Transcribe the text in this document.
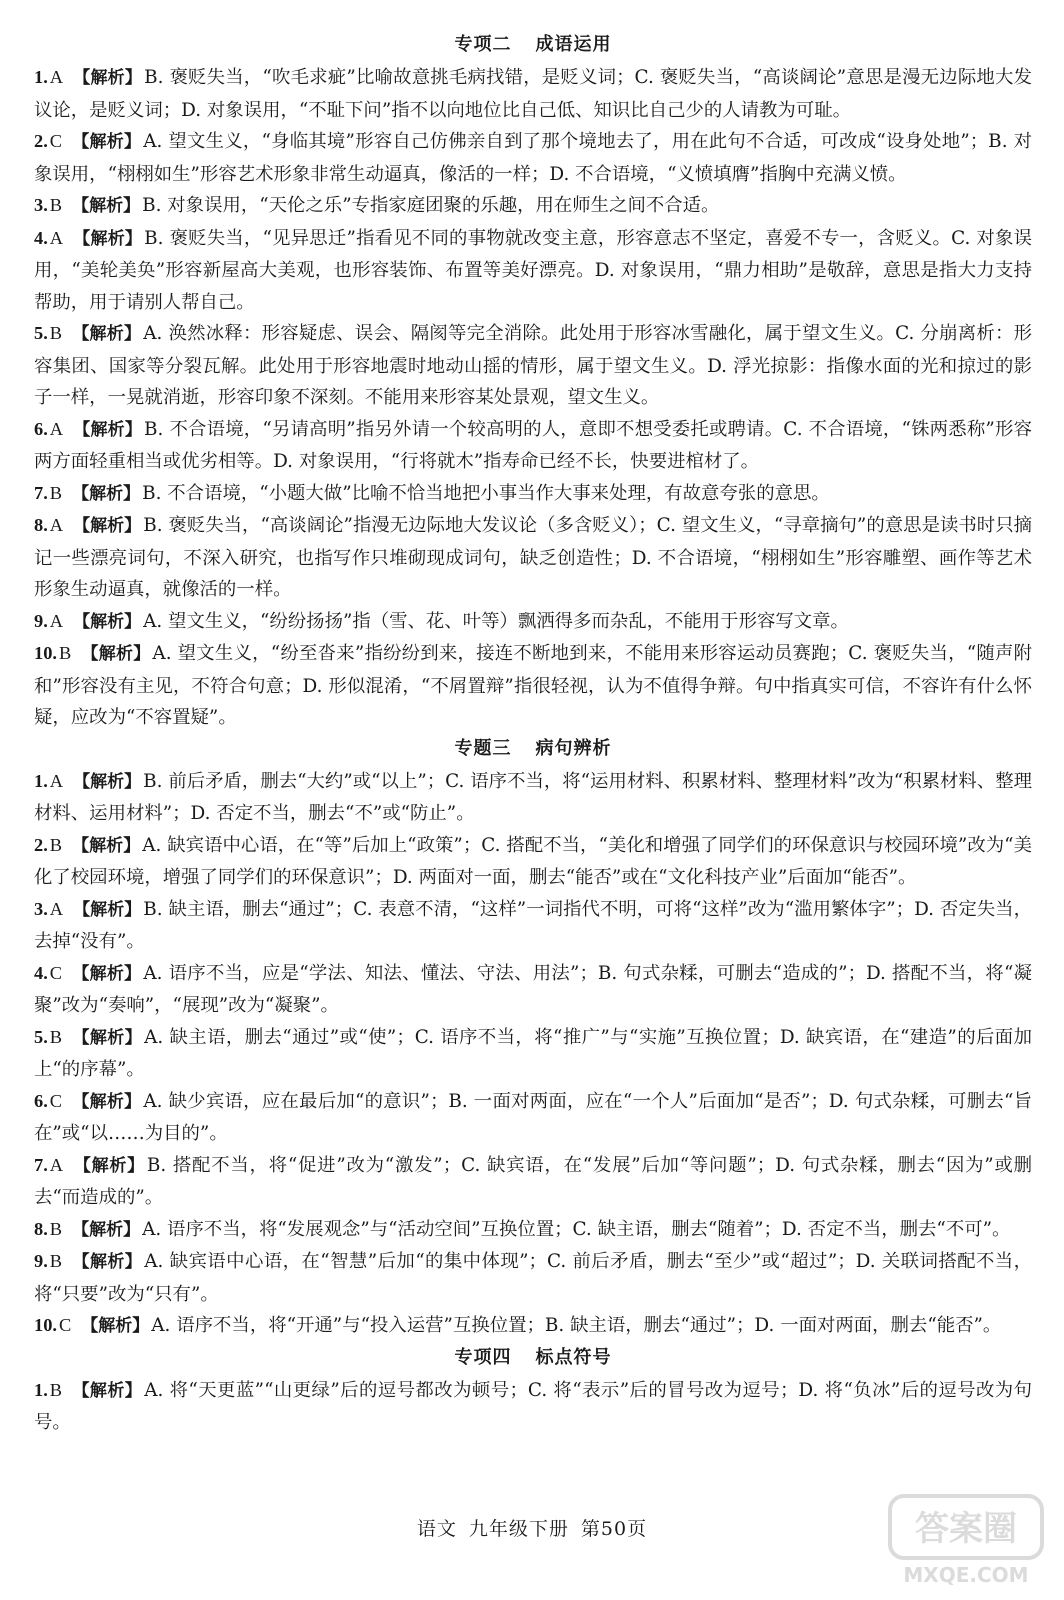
专项二 成语运用

1. A 【解析】 B. 褒贬失当，“吹毛求疵”比喻故意挑毛病找错，是贬义词；C. 褒贬失当，“高谈阔论”意思是漫无边际地大发议论，是贬义词；D. 对象误用，“不耻下问”指不以向地位比自己低、知识比自己少的人请教为可耻。

2. C 【解析】 A. 望文生义，“身临其境”形容自己仿佛亲自到了那个境地去了，用在此句不合适，可改成“设身处地”；B. 对象误用，“栩栩如生”形容艺术形象非常生动逼真，像活的一样；D. 不合语境，“义愤填膺”指胸中充满义愤。

3. B 【解析】 B. 对象误用，“天伦之乐”专指家庭团聚的乐趣，用在师生之间不合适。

4. A 【解析】 B. 褒贬失当，“见异思迁”指看见不同的事物就改变主意，形容意志不坚定，喜爱不专一，含贬义。C. 对象误用，“美轮美奂”形容新屋高大美观，也形容装饰、布置等美好漂亮。D. 对象误用，“鼎力相助”是敬辞，意思是指大力支持帮助，用于请别人帮自己。

5. B 【解析】 A. 涣然冰释：形容疑虑、误会、隔阂等完全消除。此处用于形容冰雪融化，属于望文生义。C. 分崩离析：形容集团、国家等分裂瓦解。此处用于形容地震时地动山摇的情形，属于望文生义。D. 浮光掠影：指像水面的光和掠过的影子一样，一晃就消逝，形容印象不深刻。不能用来形容某处景观，望文生义。

6. A 【解析】 B. 不合语境，“另请高明”指另外请一个较高明的人，意即不想受委托或聘请。C. 不合语境，“铢两悉称”形容两方面轻重相当或优劣相等。D. 对象误用，“行将就木”指寿命已经不长，快要进棺材了。

7. B 【解析】 B. 不合语境，“小题大做”比喻不恰当地把小事当作大事来处理，有故意夸张的意思。

8. A 【解析】 B. 褒贬失当，“高谈阔论”指漫无边际地大发议论（多含贬义）；C. 望文生义，“寻章摘句”的意思是读书时只摘记一些漂亮词句，不深入研究，也指写作只堆砌现成词句，缺乏创造性；D. 不合语境，“栩栩如生”形容雕塑、画作等艺术形象生动逼真，就像活的一样。

9. A 【解析】 A. 望文生义，“纷纷扬扬”指（雪、花、叶等）飘洒得多而杂乱，不能用于形容写文章。

10. B 【解析】 A. 望文生义，“纷至沓来”指纷纷到来，接连不断地到来，不能用来形容运动员赛跑；C. 褒贬失当，“随声附和”形容没有主见，不符合句意；D. 形似混淆，“不屑置辩”指很轻视，认为不值得争辩。句中指真实可信，不容许有什么怀疑，应改为“不容置疑”。

专题三 病句辨析

1. A 【解析】 B. 前后矛盾，删去“大约”或“以上”；C. 语序不当，将“运用材料、积累材料、整理材料”改为“积累材料、整理材料、运用材料”；D. 否定不当，删去“不”或“防止”。

2. B 【解析】 A. 缺宾语中心语，在“等”后加上“政策”；C. 搭配不当，“美化和增强了同学们的环保意识与校园环境”改为“美化了校园环境，增强了同学们的环保意识”；D. 两面对一面，删去“能否”或在“文化科技产业”后面加“能否”。

3. A 【解析】 B. 缺主语，删去“通过”；C. 表意不清，“这样”一词指代不明，可将“这样”改为“滥用繁体字”；D. 否定失当，去掉“没有”。

4. C 【解析】 A. 语序不当，应是“学法、知法、懂法、守法、用法”；B. 句式杂糅，可删去“造成的”；D. 搭配不当，将“凝聚”改为“奏响”，“展现”改为“凝聚”。

5. B 【解析】 A. 缺主语，删去“通过”或“使”；C. 语序不当，将“推广”与“实施”互换位置；D. 缺宾语，在“建造”的后面加上“的序幕”。

6. C 【解析】 A. 缺少宾语，应在最后加“的意识”；B. 一面对两面，应在“一个人”后面加“是否”；D. 句式杂糅，可删去“旨在”或“以……为目的”。

7. A 【解析】 B. 搭配不当，将“促进”改为“激发”；C. 缺宾语，在“发展”后加“等问题”；D. 句式杂糅，删去“因为”或删去“而造成的”。

8. B 【解析】 A. 语序不当，将“发展观念”与“活动空间”互换位置；C. 缺主语，删去“随着”；D. 否定不当，删去“不可”。

9. B 【解析】 A. 缺宾语中心语，在“智慧”后加“的集中体现”；C. 前后矛盾，删去“至少”或“超过”；D. 关联词搭配不当，将“只要”改为“只有”。

10. C 【解析】 A. 语序不当，将“开通”与“投入运营”互换位置；B. 缺主语，删去“通过”；D. 一面对两面，删去“能否”。

专项四 标点符号

1. B 【解析】 A. 将“天更蓝”“山更绿”后的逗号都改为顿号；C. 将“表示”后的冒号改为逗号；D. 将“负冰”后的逗号改为句号。

语文 九年级下册 第50页	答案圈
MXQE.COM
